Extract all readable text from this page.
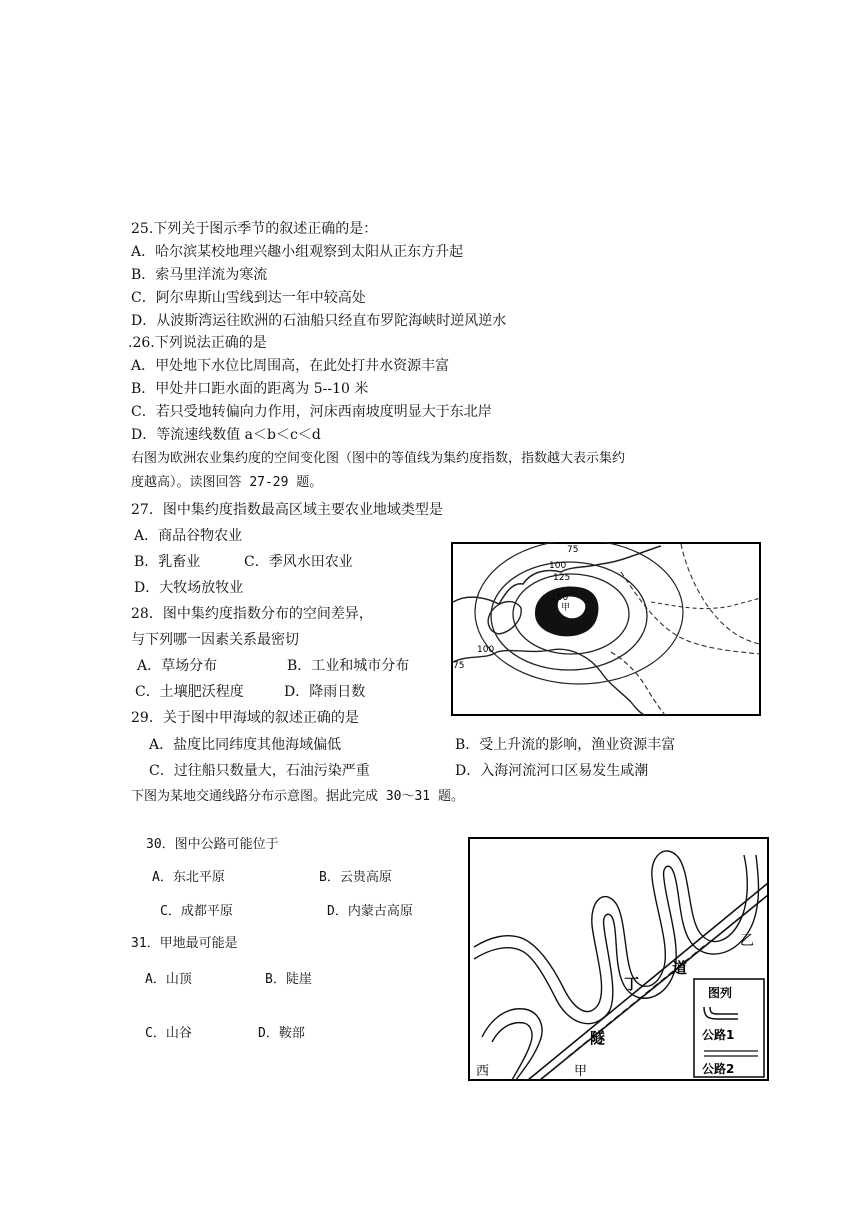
25.下列关于图示季节的叙述正确的是：
A．哈尔滨某校地理兴趣小组观察到太阳从正东方升起
B．索马里洋流为寒流
C．阿尔卑斯山雪线到达一年中较高处
D．从波斯湾运往欧洲的石油船只经直布罗陀海峡时逆风逆水
.26.下列说法正确的是
A．甲处地下水位比周围高，在此处打井水资源丰富
B．甲处井口距水面的距离为 5--10 米
C．若只受地转偏向力作用，河床西南坡度明显大于东北岸
D．等流速线数值 a＜b＜c＜d
右图为欧洲农业集约度的空间变化图（图中的等值线为集约度指数，指数越大表示集约
度越高）。读图回答 27-29 题。
27．图中集约度指数最高区域主要农业地域类型是
A．商品谷物农业
B．乳畜业	C．季风水田农业
D．大牧场放牧业
28．图中集约度指数分布的空间差异，
与下列哪一因素关系最密切
A．草场分布	B．工业和城市分布
C．土壤肥沃程度	D．降雨日数
29．关于图中甲海域的叙述正确的是
A．盐度比同纬度其他海域偏低	B．受上升流的影响，渔业资源丰富
C．过往船只数量大，石油污染严重	D．入海河流河口区易发生咸潮
下图为某地交通线路分布示意图。据此完成 30～31 题。
30．图中公路可能位于
A．东北平原	B．云贵高原
C．成都平原	D．内蒙古高原
31．甲地最可能是
A．山顶	B．陡崖
C．山谷	D．鞍部
75
100
125
150
100
75
甲
乙
丁
道
隧
甲
西
图列
公路1
公路2
